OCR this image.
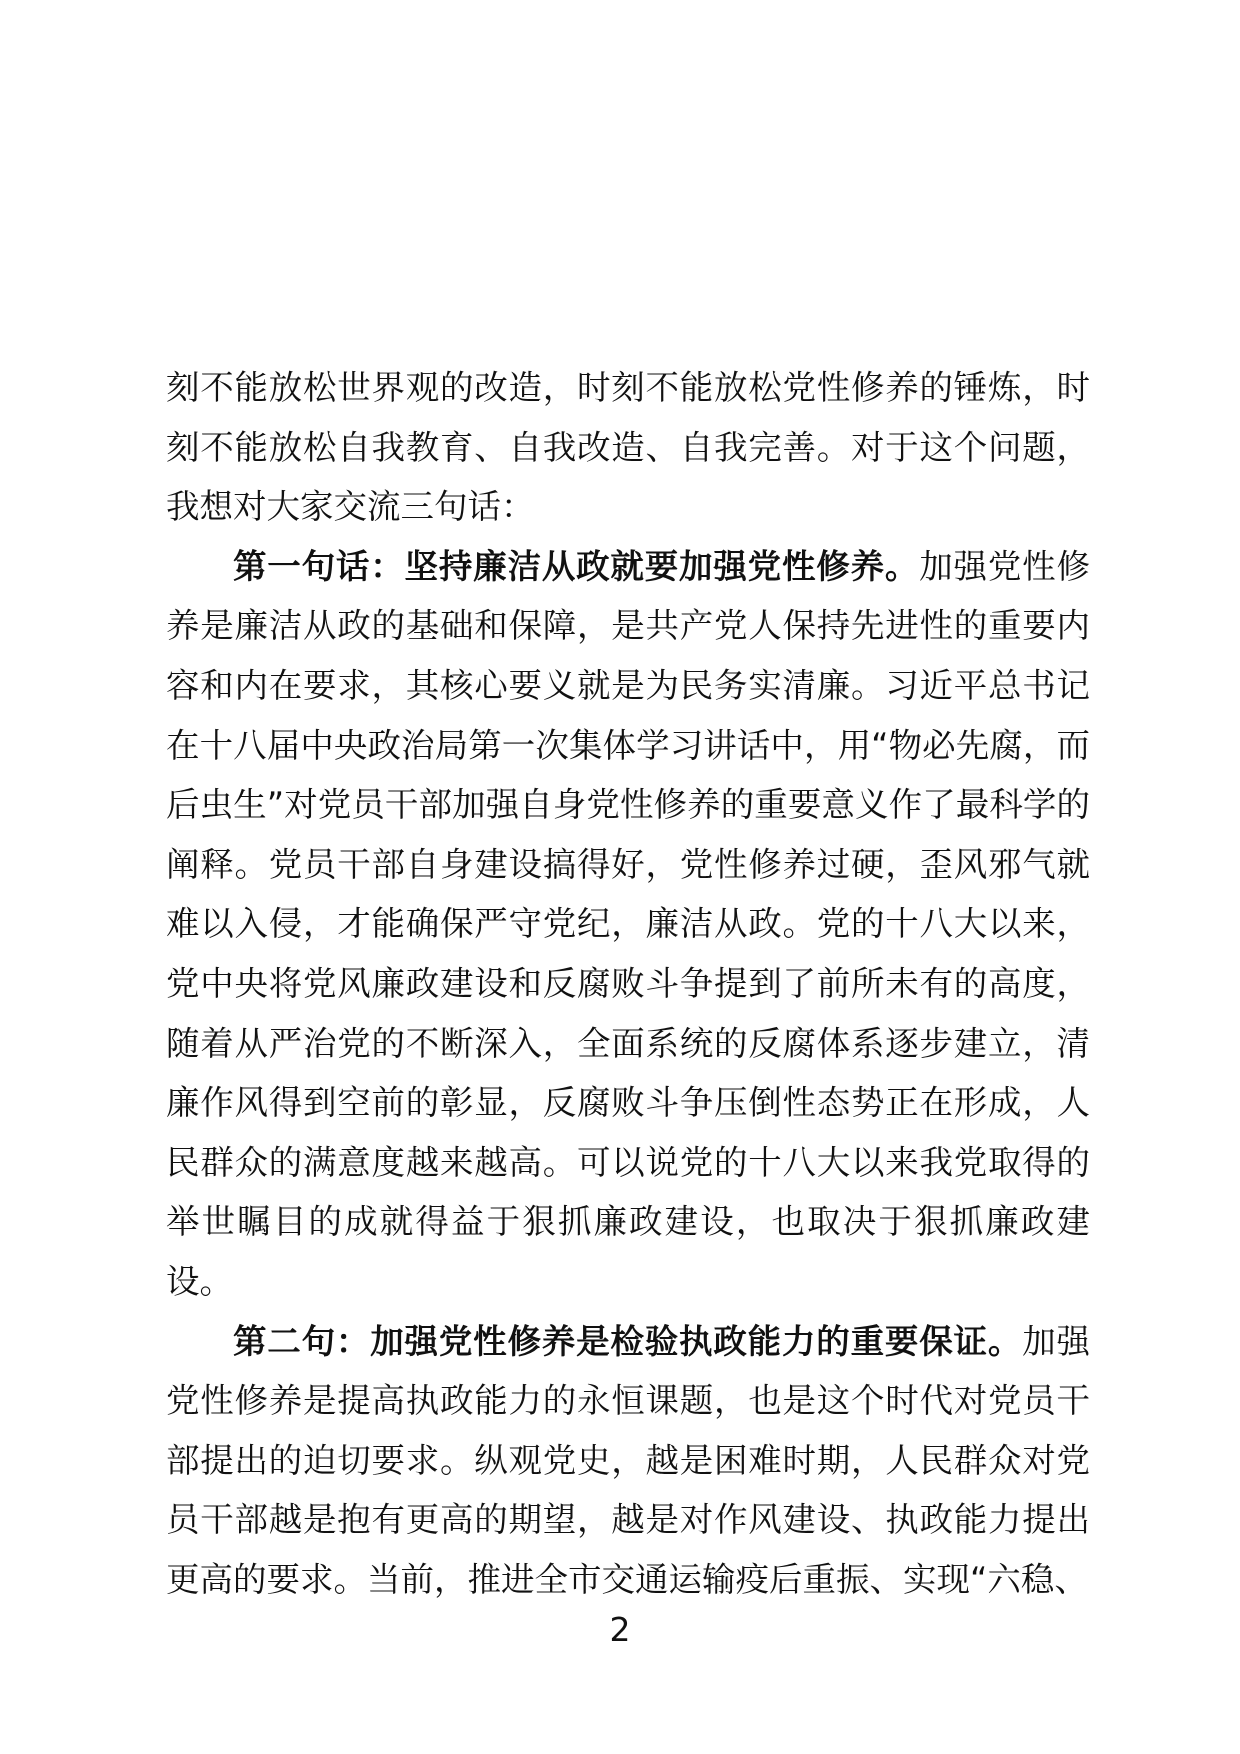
刻不能放松世界观的改造，时刻不能放松党性修养的锤炼，时刻不能放松自我教育、自我改造、自我完善。对于这个问题，我想对大家交流三句话：

第一句话：坚持廉洁从政就要加强党性修养。加强党性修养是廉洁从政的基础和保障，是共产党人保持先进性的重要内容和内在要求，其核心要义就是为民务实清廉。习近平总书记在十八届中央政治局第一次集体学习讲话中，用“物必先腐，而后虫生”对党员干部加强自身党性修养的重要意义作了最科学的阐释。党员干部自身建设搞得好，党性修养过硬，歪风邪气就难以入侵，才能确保严守党纪，廉洁从政。党的十八大以来，党中央将党风廉政建设和反腐败斗争提到了前所未有的高度，随着从严治党的不断深入，全面系统的反腐体系逐步建立，清廉作风得到空前的彰显，反腐败斗争压倒性态势正在形成，人民群众的满意度越来越高。可以说党的十八大以来我党取得的举世瞩目的成就得益于狠抓廉政建设，也取决于狠抓廉政建设。

第二句：加强党性修养是检验执政能力的重要保证。加强党性修养是提高执政能力的永恒课题，也是这个时代对党员干部提出的迫切要求。纵观党史，越是困难时期，人民群众对党员干部越是抱有更高的期望，越是对作风建设、执政能力提出更高的要求。当前，推进全市交通运输疫后重振、实现“六稳、

2
